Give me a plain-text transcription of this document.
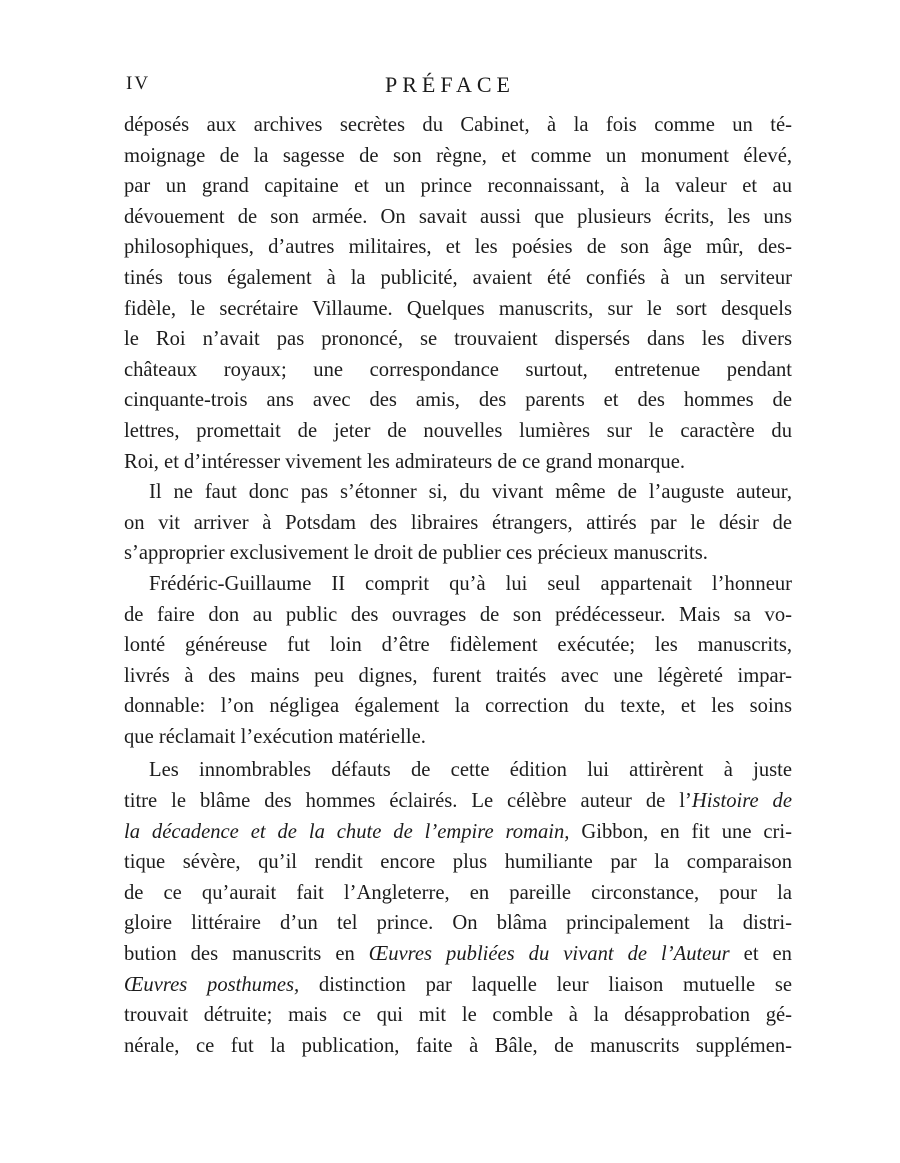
IV	PRÉFACE
déposés aux archives secrètes du Cabinet, à la fois comme un té-
moignage de la sagesse de son règne, et comme un monument élevé,
par un grand capitaine et un prince reconnaissant, à la valeur et au
dévouement de son armée. On savait aussi que plusieurs écrits, les uns
philosophiques, d’autres militaires, et les poésies de son âge mûr, des-
tinés tous également à la publicité, avaient été confiés à un serviteur
fidèle, le secrétaire Villaume. Quelques manuscrits, sur le sort desquels
le Roi n’avait pas prononcé, se trouvaient dispersés dans les divers
châteaux royaux; une correspondance surtout, entretenue pendant
cinquante-trois ans avec des amis, des parents et des hommes de
lettres, promettait de jeter de nouvelles lumières sur le caractère du
Roi, et d’intéresser vivement les admirateurs de ce grand monarque.
Il ne faut donc pas s’étonner si, du vivant même de l’auguste auteur,
on vit arriver à Potsdam des libraires étrangers, attirés par le désir de
s’approprier exclusivement le droit de publier ces précieux manuscrits.
Frédéric-Guillaume II comprit qu’à lui seul appartenait l’honneur
de faire don au public des ouvrages de son prédécesseur. Mais sa vo-
lonté généreuse fut loin d’être fidèlement exécutée; les manuscrits,
livrés à des mains peu dignes, furent traités avec une légèreté impar-
donnable: l’on négligea également la correction du texte, et les soins
que réclamait l’exécution matérielle.
Les innombrables défauts de cette édition lui attirèrent à juste
titre le blâme des hommes éclairés. Le célèbre auteur de l’Histoire de
la décadence et de la chute de l’empire romain, Gibbon, en fit une cri-
tique sévère, qu’il rendit encore plus humiliante par la comparaison
de ce qu’aurait fait l’Angleterre, en pareille circonstance, pour la
gloire littéraire d’un tel prince. On blâma principalement la distri-
bution des manuscrits en Œuvres publiées du vivant de l’Auteur et en
Œuvres posthumes, distinction par laquelle leur liaison mutuelle se
trouvait détruite; mais ce qui mit le comble à la désapprobation gé-
nérale, ce fut la publication, faite à Bâle, de manuscrits supplémen-
